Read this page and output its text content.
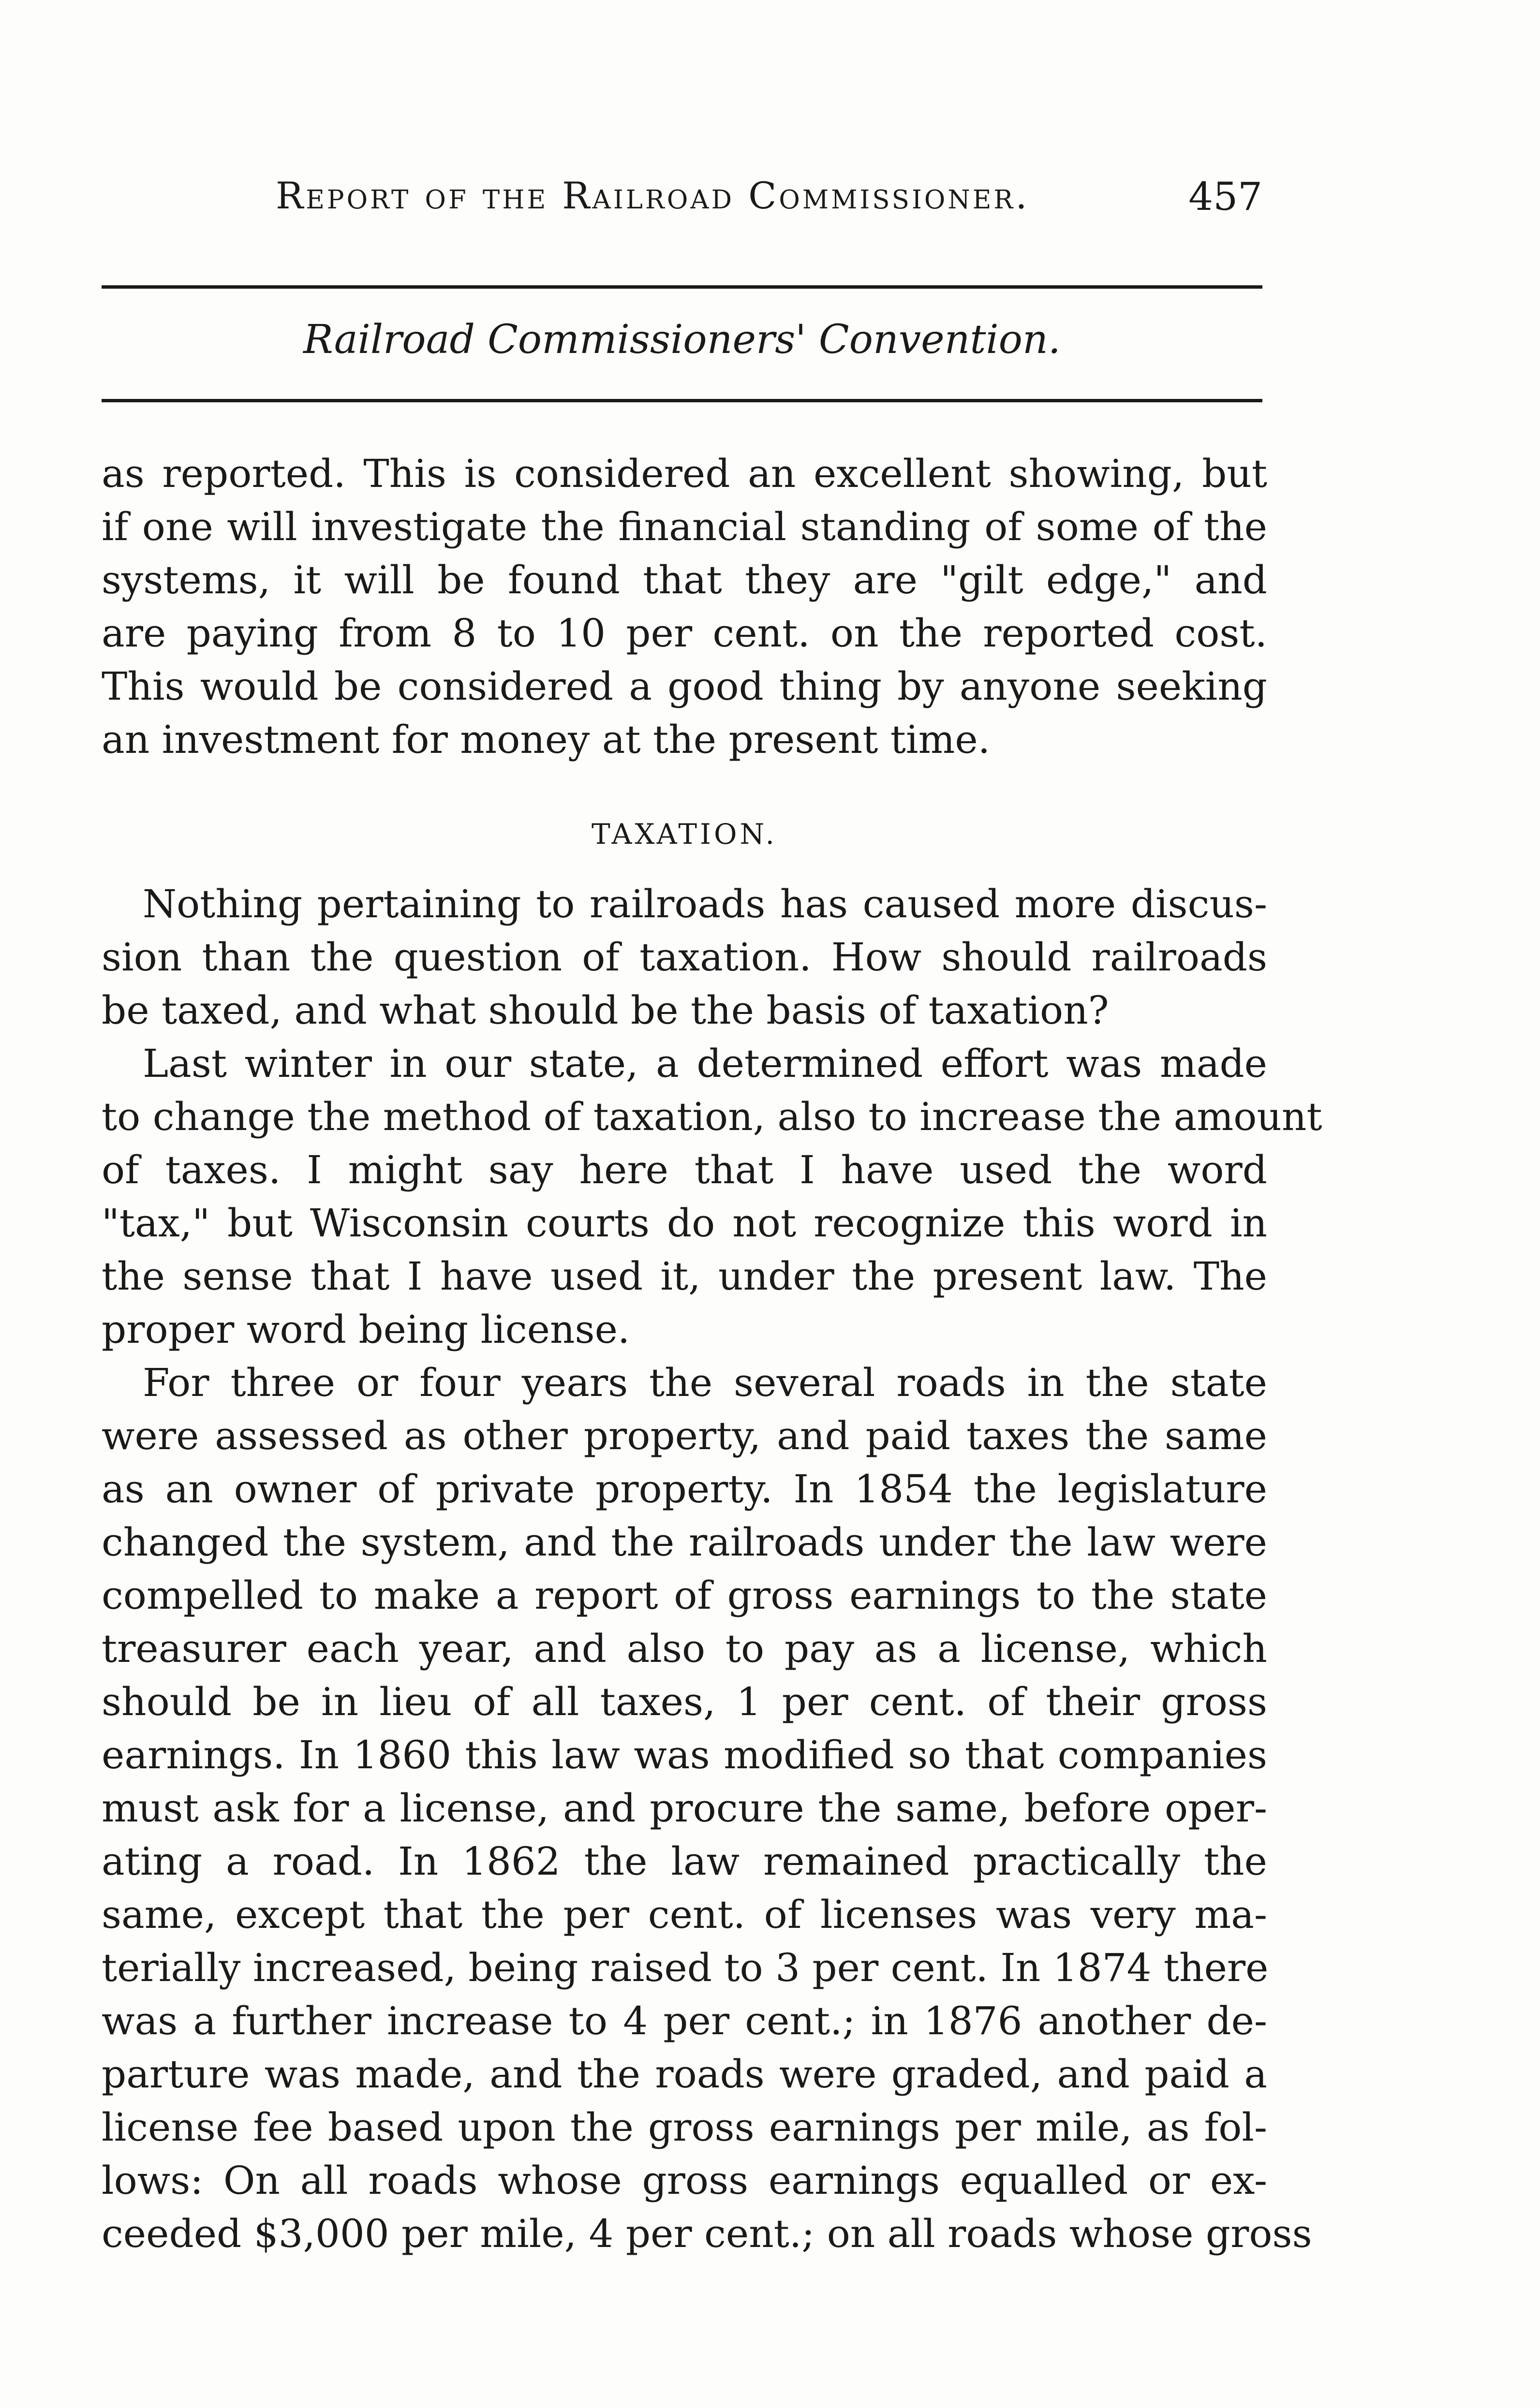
Report of the Railroad Commissioner.	457
Railroad Commissioners' Convention.
as reported. This is considered an excellent showing, but
if one will investigate the financial standing of some of the
systems, it will be found that they are "gilt edge," and
are paying from 8 to 10 per cent. on the reported cost.
This would be considered a good thing by anyone seeking
an investment for money at the present time.
TAXATION.
Nothing pertaining to railroads has caused more discus-
sion than the question of taxation. How should railroads
be taxed, and what should be the basis of taxation?
Last winter in our state, a determined effort was made
to change the method of taxation, also to increase the amount
of taxes. I might say here that I have used the word
"tax," but Wisconsin courts do not recognize this word in
the sense that I have used it, under the present law. The
proper word being license.
For three or four years the several roads in the state
were assessed as other property, and paid taxes the same
as an owner of private property. In 1854 the legislature
changed the system, and the railroads under the law were
compelled to make a report of gross earnings to the state
treasurer each year, and also to pay as a license, which
should be in lieu of all taxes, 1 per cent. of their gross
earnings. In 1860 this law was modified so that companies
must ask for a license, and procure the same, before oper-
ating a road. In 1862 the law remained practically the
same, except that the per cent. of licenses was very ma-
terially increased, being raised to 3 per cent. In 1874 there
was a further increase to 4 per cent.; in 1876 another de-
parture was made, and the roads were graded, and paid a
license fee based upon the gross earnings per mile, as fol-
lows: On all roads whose gross earnings equalled or ex-
ceeded $3,000 per mile, 4 per cent.; on all roads whose gross
